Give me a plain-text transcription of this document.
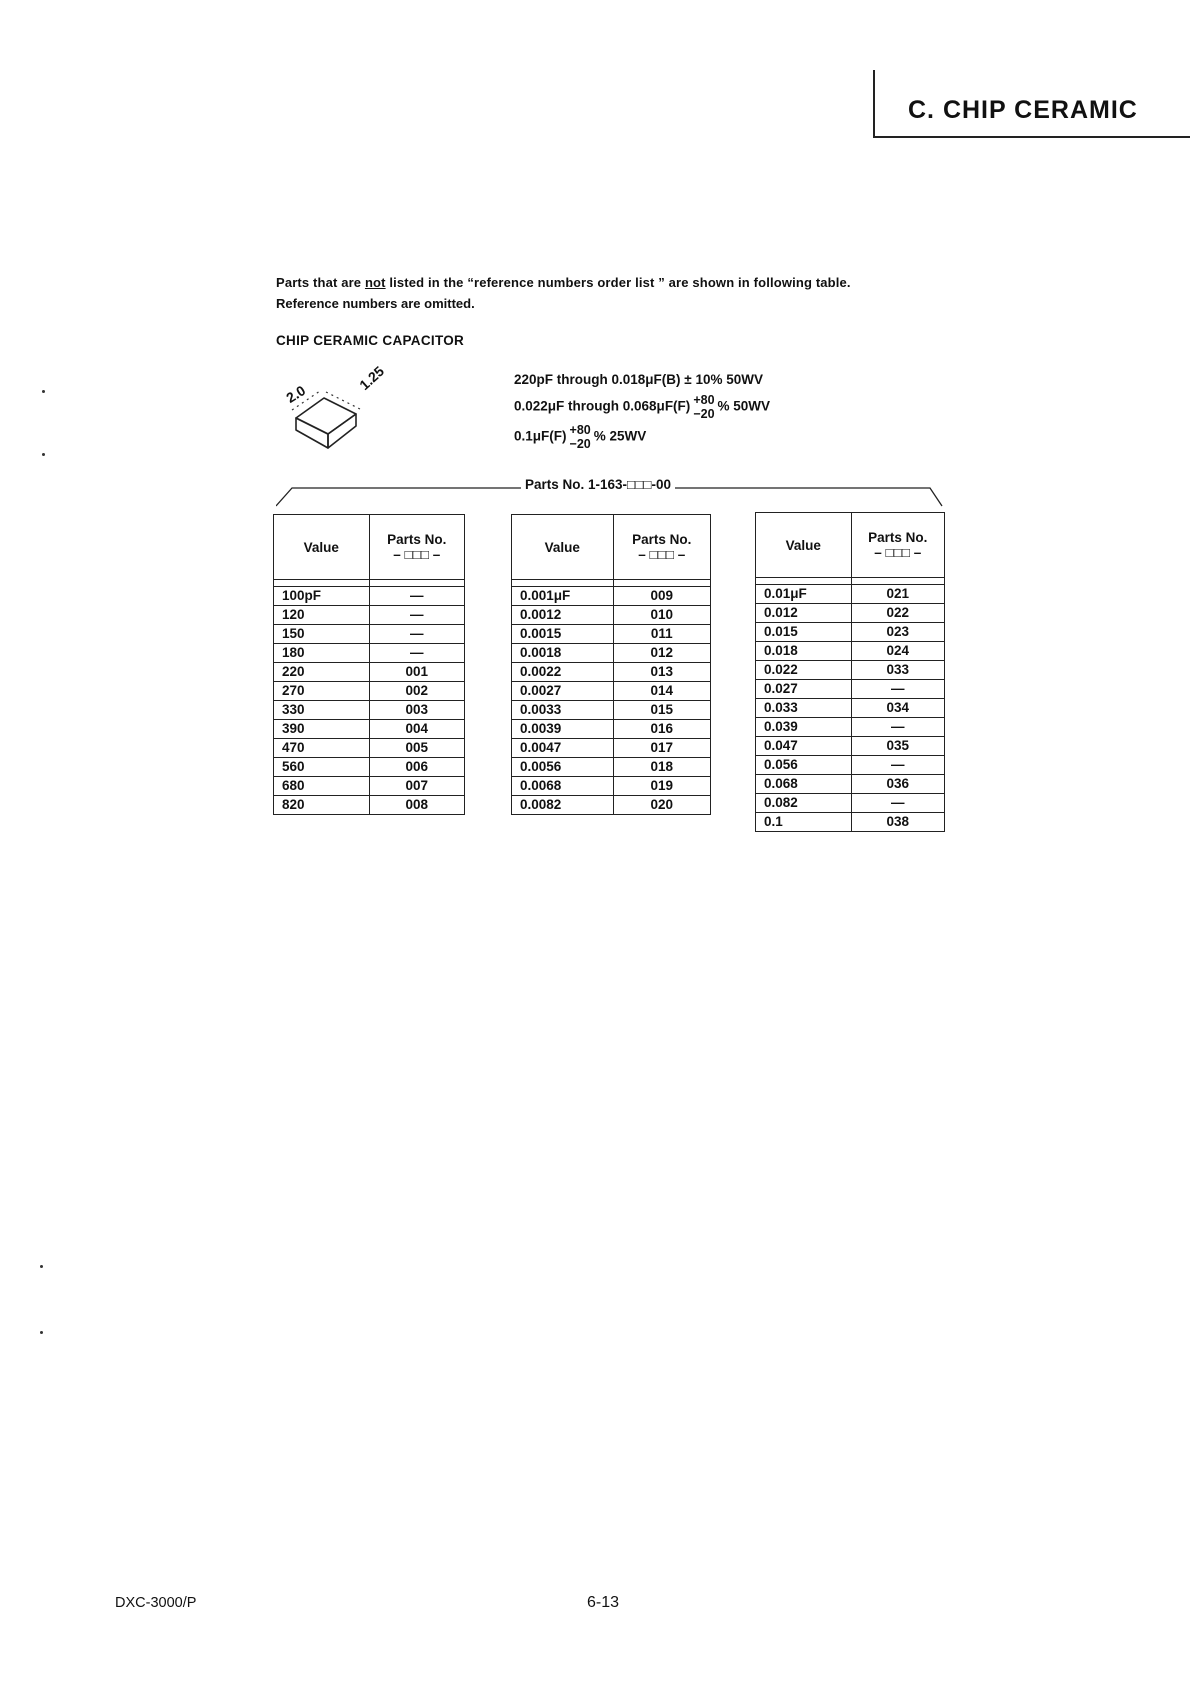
C. CHIP CERAMIC

Parts that are not listed in the “reference numbers order list ” are shown in following table.

Reference numbers are omitted.

CHIP CERAMIC CAPACITOR
2.0
1.25	220pF through 0.018μF(B) ± 10% 50WV
0.022μF through 0.068μF(F) +80
−20
% 50WV
0.1μF(F) +80
−20
% 25WV
Parts No. 1-163-□□□-00
Value	Parts No.
– □□□ –

100pF	—
120	—
150	—
180	—
220	001
270	002
330	003
390	004
470	005
560	006
680	007
820	008
Value	Parts No.
– □□□ –

0.001μF	009
0.0012	010
0.0015	011
0.0018	012
0.0022	013
0.0027	014
0.0033	015
0.0039	016
0.0047	017
0.0056	018
0.0068	019
0.0082	020
Value	Parts No.
– □□□ –

0.01μF	021
0.012	022
0.015	023
0.018	024
0.022	033
0.027	—
0.033	034
0.039	—
0.047	035
0.056	—
0.068	036
0.082	—
0.1	038
DXC-3000/P	6-13
